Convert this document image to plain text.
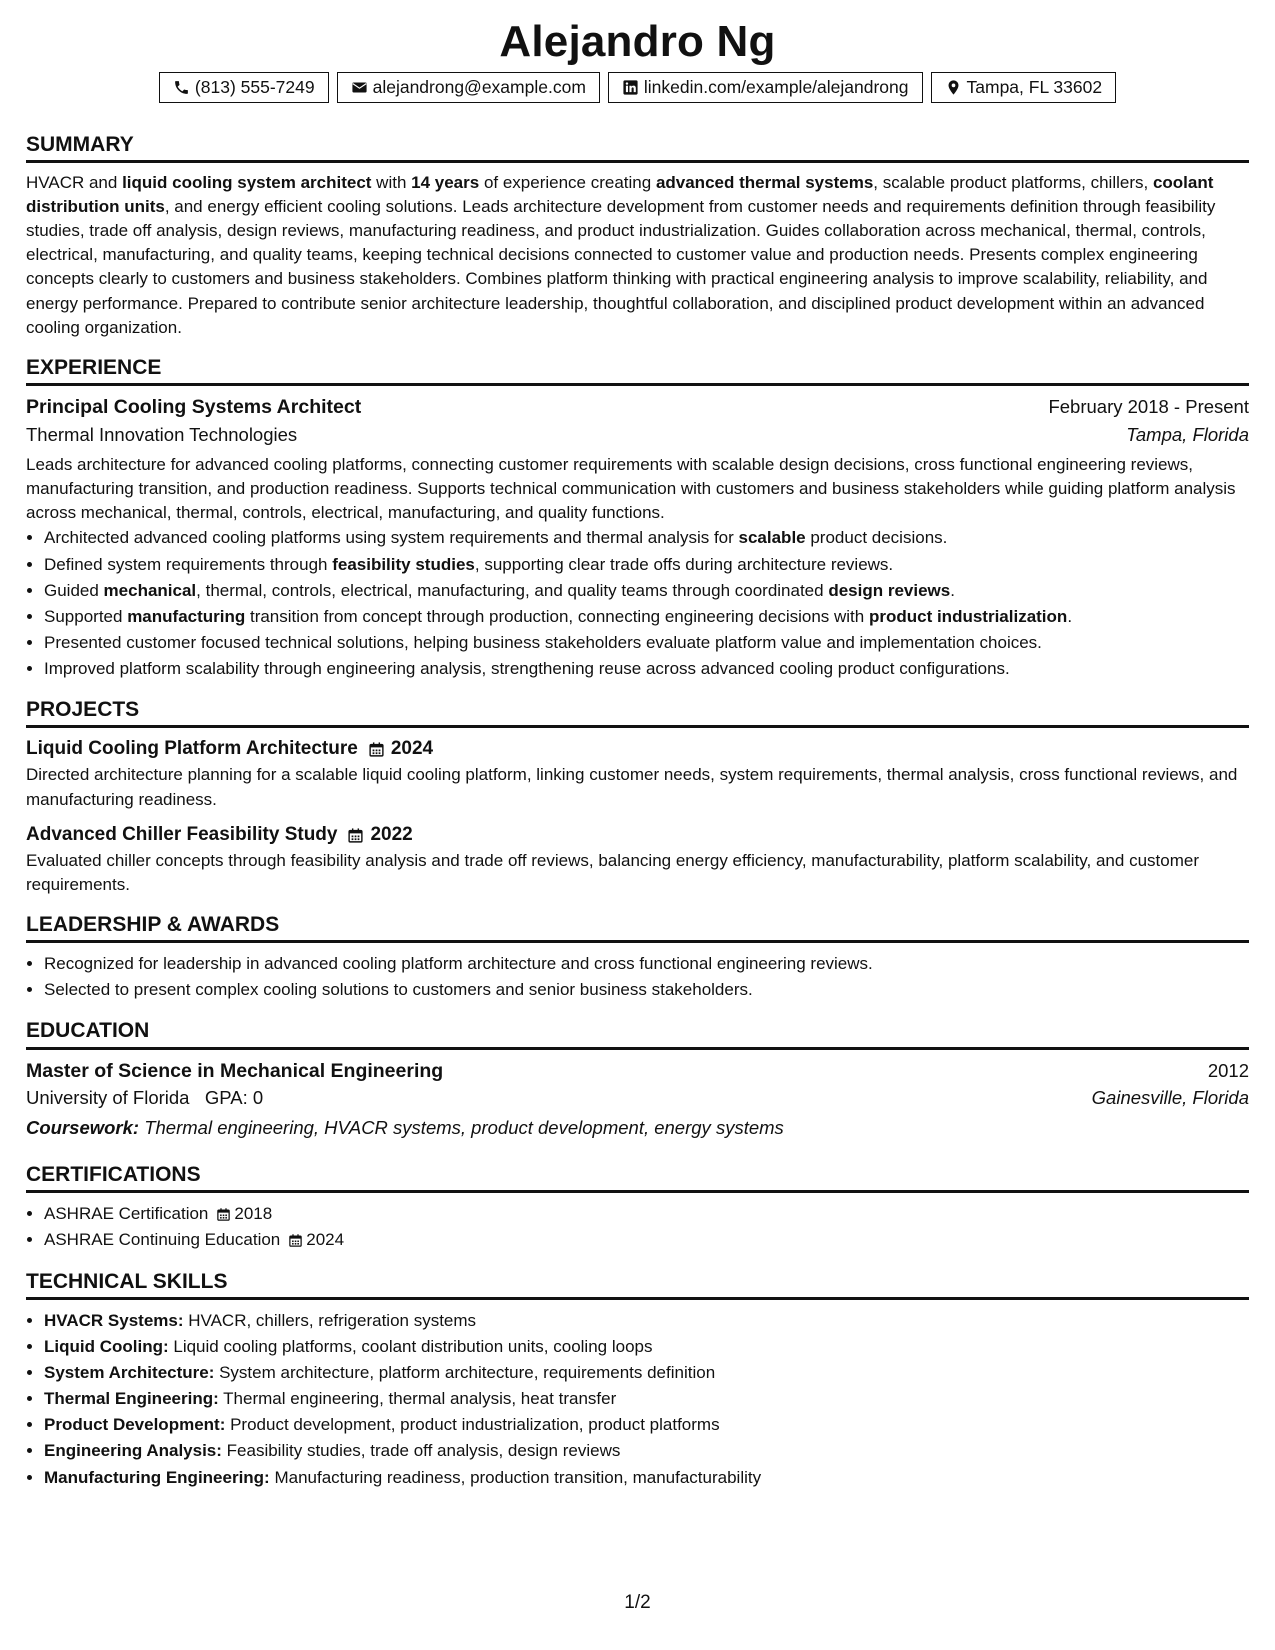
Alejandro Ng
(813) 555-7249	alejandrong@example.com	linkedin.com/example/alejandrong	Tampa, FL 33602
SUMMARY

HVACR and liquid cooling system architect with 14 years of experience creating advanced thermal systems, scalable product platforms, chillers, coolant distribution units, and energy efficient cooling solutions. Leads architecture development from customer needs and requirements definition through feasibility studies, trade off analysis, design reviews, manufacturing readiness, and product industrialization. Guides collaboration across mechanical, thermal, controls, electrical, manufacturing, and quality teams, keeping technical decisions connected to customer value and production needs. Presents complex engineering concepts clearly to customers and business stakeholders. Combines platform thinking with practical engineering analysis to improve scalability, reliability, and energy performance. Prepared to contribute senior architecture leadership, thoughtful collaboration, and disciplined product development within an advanced cooling organization.

EXPERIENCE
Principal Cooling Systems Architect	February 2018 - Present
Thermal Innovation Technologies	Tampa, Florida

Leads architecture for advanced cooling platforms, connecting customer requirements with scalable design decisions, cross functional engineering reviews, manufacturing transition, and production readiness. Supports technical communication with customers and business stakeholders while guiding platform analysis across mechanical, thermal, controls, electrical, manufacturing, and quality functions.

• Architected advanced cooling platforms using system requirements and thermal analysis for scalable product decisions.
• Defined system requirements through feasibility studies, supporting clear trade offs during architecture reviews.
• Guided mechanical, thermal, controls, electrical, manufacturing, and quality teams through coordinated design reviews.
• Supported manufacturing transition from concept through production, connecting engineering decisions with product industrialization.
• Presented customer focused technical solutions, helping business stakeholders evaluate platform value and implementation choices.
• Improved platform scalability through engineering analysis, strengthening reuse across advanced cooling product configurations.
PROJECTS
Liquid Cooling Platform Architecture 2024

Directed architecture planning for a scalable liquid cooling platform, linking customer needs, system requirements, thermal analysis, cross functional reviews, and manufacturing readiness.

Advanced Chiller Feasibility Study 2022

Evaluated chiller concepts through feasibility analysis and trade off reviews, balancing energy efficiency, manufacturability, platform scalability, and customer requirements.

LEADERSHIP & AWARDS
• Recognized for leadership in advanced cooling platform architecture and cross functional engineering reviews.
• Selected to present complex cooling solutions to customers and senior business stakeholders.
EDUCATION
Master of Science in Mechanical Engineering	2012
University of Florida GPA: 0	Gainesville, Florida
Coursework: Thermal engineering, HVACR systems, product development, energy systems
CERTIFICATIONS
• ASHRAE Certification 2018
• ASHRAE Continuing Education 2024
TECHNICAL SKILLS
• HVACR Systems: HVACR, chillers, refrigeration systems
• Liquid Cooling: Liquid cooling platforms, coolant distribution units, cooling loops
• System Architecture: System architecture, platform architecture, requirements definition
• Thermal Engineering: Thermal engineering, thermal analysis, heat transfer
• Product Development: Product development, product industrialization, product platforms
• Engineering Analysis: Feasibility studies, trade off analysis, design reviews
• Manufacturing Engineering: Manufacturing readiness, production transition, manufacturability
1/2
